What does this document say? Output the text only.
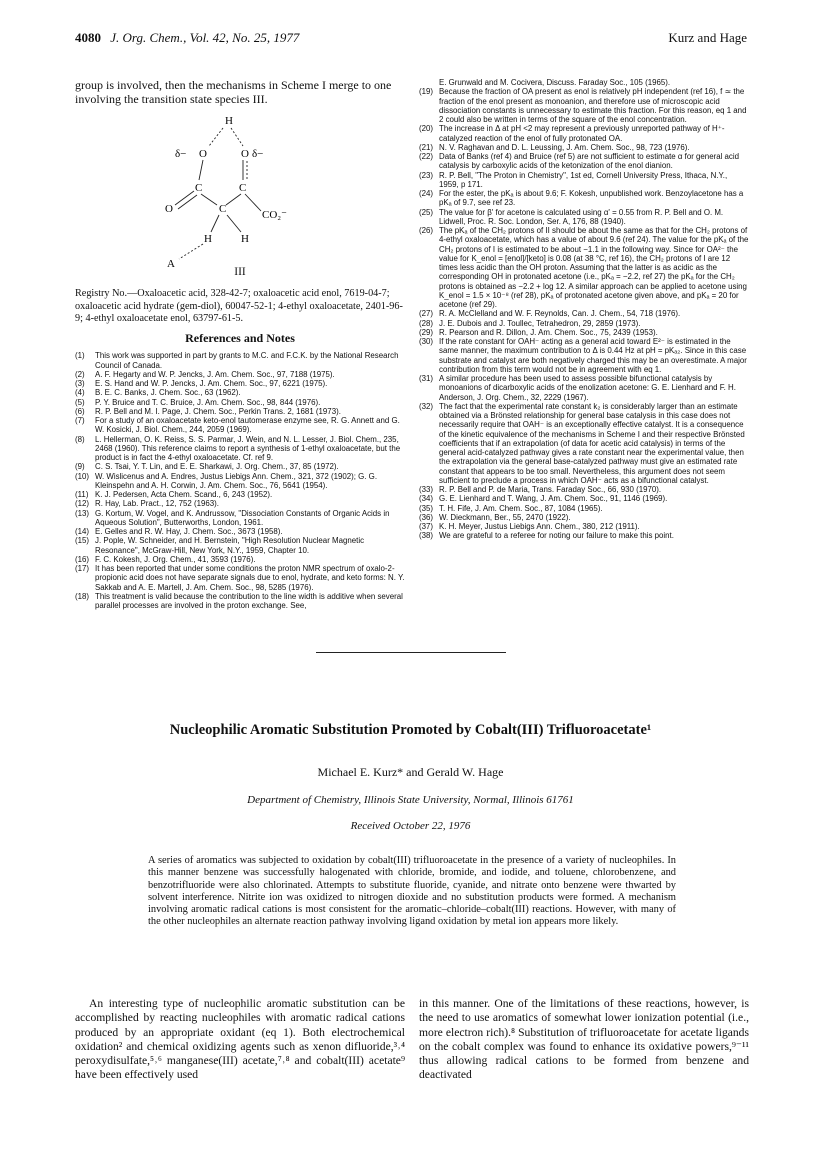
4080 J. Org. Chem., Vol. 42, No. 25, 1977	Kurz and Hage

group is involved, then the mechanisms in Scheme I merge to one involving the transition state species III.

H
O	O
δ−	δ−
C	C
C
O	CO₂⁻
H	H
A
III

Registry No.—Oxaloacetic acid, 328-42-7; oxaloacetic acid enol, 7619-04-7; oxaloacetic acid hydrate (gem-diol), 60047-52-1; 4-ethyl oxaloacetate, 2401-96-9; 4-ethyl oxaloacetate enol, 63797-61-5.

References and Notes
(1)	This work was supported in part by grants to M.C. and F.C.K. by the National Research Council of Canada.
(2)	A. F. Hegarty and W. P. Jencks, J. Am. Chem. Soc., 97, 7188 (1975).
(3)	E. S. Hand and W. P. Jencks, J. Am. Chem. Soc., 97, 6221 (1975).
(4)	B. E. C. Banks, J. Chem. Soc., 63 (1962).
(5)	P. Y. Bruice and T. C. Bruice, J. Am. Chem. Soc., 98, 844 (1976).
(6)	R. P. Bell and M. I. Page, J. Chem. Soc., Perkin Trans. 2, 1681 (1973).
(7)	For a study of an oxaloacetate keto-enol tautomerase enzyme see, R. G. Annett and G. W. Kosicki, J. Biol. Chem., 244, 2059 (1969).
(8)	L. Hellerman, O. K. Reiss, S. S. Parmar, J. Wein, and N. L. Lesser, J. Biol. Chem., 235, 2468 (1960). This reference claims to report a synthesis of 1-ethyl oxaloacetate, but the product is in fact the 4-ethyl oxaloacetate. Cf. ref 9.
(9)	C. S. Tsai, Y. T. Lin, and E. E. Sharkawi, J. Org. Chem., 37, 85 (1972).
(10) W. Wislicenus and A. Endres, Justus Liebigs Ann. Chem., 321, 372 (1902); G. G. Kleinspehn and A. H. Corwin, J. Am. Chem. Soc., 76, 5641 (1954).
(11) K. J. Pedersen, Acta Chem. Scand., 6, 243 (1952).
(12) R. Hay, Lab. Pract., 12, 752 (1963).
(13) G. Kortum, W. Vogel, and K. Andrussow, "Dissociation Constants of Organic Acids in Aqueous Solution", Butterworths, London, 1961.
(14) E. Gelles and R. W. Hay, J. Chem. Soc., 3673 (1958).
(15) J. Pople, W. Schneider, and H. Bernstein, "High Resolution Nuclear Magnetic Resonance", McGraw-Hill, New York, N.Y., 1959, Chapter 10.
(16) F. C. Kokesh, J. Org. Chem., 41, 3593 (1976).
(17) It has been reported that under some conditions the proton NMR spectrum of oxalo-2-propionic acid does not have separate signals due to enol, hydrate, and keto forms: N. Y. Sakkab and A. E. Martell, J. Am. Chem. Soc., 98, 5285 (1976).
(18) This treatment is valid because the contribution to the line width is additive when several parallel processes are involved in the proton exchange. See,
E. Grunwald and M. Cocivera, Discuss. Faraday Soc., 105 (1965).
(19) Because the fraction of OA present as enol is relatively pH independent (ref 16), f ≃ the fraction of the enol present as monoanion, and therefore use of microscopic acid dissociation constants is unnecessary to estimate this fraction. For this reason, eq 1 and 2 could also be written in terms of the square of the enol concentration.
(20) The increase in Δ at pH <2 may represent a previously unreported pathway of H⁺-catalyzed reaction of the enol of fully protonated OA.
(21) N. V. Raghavan and D. L. Leussing, J. Am. Chem. Soc., 98, 723 (1976).
(22) Data of Banks (ref 4) and Bruice (ref 5) are not sufficient to estimate α for general acid catalysis by carboxylic acids of the ketonization of the enol dianion.
(23) R. P. Bell, "The Proton in Chemistry", 1st ed, Cornell University Press, Ithaca, N.Y., 1959, p 171.
(24) For the ester, the pKₐ is about 9.6; F. Kokesh, unpublished work. Benzoylacetone has a pKₐ of 9.7, see ref 23.
(25) The value for β' for acetone is calculated using α' = 0.55 from R. P. Bell and O. M. Lidwell, Proc. R. Soc. London, Ser. A, 176, 88 (1940).
(26) The pKₐ of the CH₂ protons of II should be about the same as that for the CH₂ protons of 4-ethyl oxaloacetate, which has a value of about 9.6 (ref 24). The value for the pKₐ of the CH₂ protons of I is estimated to be about −1.1 in the following way. Since for OA²⁻ the value for K_enol = [enol]/[keto] is 0.08 (at 38 °C, ref 16), the CH₂ protons of I are 12 times less acidic than the OH proton. Assuming that the latter is as acidic as the corresponding OH in protonated acetone (i.e., pKₐ = −2.2, ref 27) the pKₐ for the CH₂ protons is obtained as −2.2 + log 12. A similar approach can be applied to acetone using K_enol = 1.5 × 10⁻⁸ (ref 28), pKₐ of protonated acetone given above, and pKₐ = 20 for acetone (ref 29).
(27) R. A. McClelland and W. F. Reynolds, Can. J. Chem., 54, 718 (1976).
(28) J. E. Dubois and J. Toullec, Tetrahedron, 29, 2859 (1973).
(29) R. Pearson and R. Dillon, J. Am. Chem. Soc., 75, 2439 (1953).
(30) If the rate constant for OAH⁻ acting as a general acid toward E²⁻ is estimated in the same manner, the maximum contribution to Δ is 0.44 Hz at pH = pKₐ₂. Since in this case substrate and catalyst are both negatively charged this may be an overestimate. A major contribution from this term would not be in agreement with eq 1.
(31) A similar procedure has been used to assess possible bifunctional catalysis by monoanions of dicarboxylic acids of the enolization acetone: G. E. Lienhard and F. H. Anderson, J. Org. Chem., 32, 2229 (1967).
(32) The fact that the experimental rate constant k₂ is considerably larger than an estimate obtained via a Brönsted relationship for general base catalysis in this case does not necessarily require that OAH⁻ is an exceptionally effective catalyst. It is a consequence of the kinetic equivalence of the mechanisms in Scheme I and their respective Brönsted coefficients that if an extrapolation (of data for acetic acid catalysis) in terms of the general acid-catalyzed pathway gives a rate constant near the experimental value, then the extrapolation via the general base-catalyzed pathway must give an estimated rate constant that appears to be too small. Nevertheless, this argument does not seem sufficient to preclude a process in which OAH⁻ acts as a bifunctional catalyst.
(33) R. P. Bell and P. de Maria, Trans. Faraday Soc., 66, 930 (1970).
(34) G. E. Lienhard and T. Wang, J. Am. Chem. Soc., 91, 1146 (1969).
(35) T. H. Fife, J. Am. Chem. Soc., 87, 1084 (1965).
(36) W. Dieckmann, Ber., 55, 2470 (1922).
(37) K. H. Meyer, Justus Liebigs Ann. Chem., 380, 212 (1911).
(38) We are grateful to a referee for noting our failure to make this point.
Nucleophilic Aromatic Substitution Promoted by Cobalt(III) Trifluoroacetate¹
Michael E. Kurz* and Gerald W. Hage
Department of Chemistry, Illinois State University, Normal, Illinois 61761
Received October 22, 1976
A series of aromatics was subjected to oxidation by cobalt(III) trifluoroacetate in the presence of a variety of nucleophiles. In this manner benzene was successfully halogenated with chloride, bromide, and iodide, and toluene, chlorobenzene, and benzotrifluoride were also chlorinated. Attempts to substitute fluoride, cyanide, and nitrate onto benzene were thwarted by solvent interference. Nitrite ion was oxidized to nitrogen dioxide and no substitution products were formed. A mechanism involving aromatic radical cations is most consistent for the aromatic–chloride–cobalt(III) reactions. However, with many of the other nucleophiles an alternate reaction pathway involving ligand oxidation by metal ion appears more likely.
An interesting type of nucleophilic aromatic substitution can be accomplished by reacting nucleophiles with aromatic radical cations produced by an appropriate oxidant (eq 1). Both electrochemical oxidation² and chemical oxidizing agents such as xenon difluoride,³˒⁴ peroxydisulfate,⁵˒⁶ manganese(III) acetate,⁷˒⁸ and cobalt(III) acetate⁹ have been effectively used
in this manner. One of the limitations of these reactions, however, is the need to use aromatics of somewhat lower ionization potential (i.e., more electron rich).⁸ Substitution of trifluoroacetate for acetate ligands on the cobalt complex was found to enhance its oxidative powers,⁹⁻¹¹ thus allowing radical cations to be formed from benzene and deactivated
